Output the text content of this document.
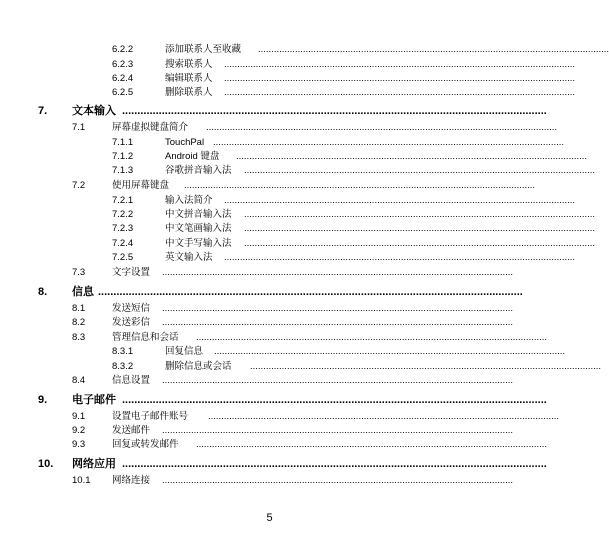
6.2.2	添加联系人至收藏 .....................................................................................................................................
6.2.3	搜索联系人 .....................................................................................................................................
6.2.4	编辑联系人 .....................................................................................................................................
6.2.5	删除联系人 .....................................................................................................................................
7. 文本输入 ...........................................................................................................................................
7.1	屏幕虚拟键盘简介 .....................................................................................................................................
7.1.1	TouchPal .....................................................................................................................................
7.1.2	Android 键盘 .....................................................................................................................................
7.1.3	谷歌拼音输入法 .....................................................................................................................................
7.2	使用屏幕键盘 .....................................................................................................................................
7.2.1	输入法简介 .....................................................................................................................................
7.2.2	中文拼音输入法 .....................................................................................................................................
7.2.3	中文笔画输入法 .....................................................................................................................................
7.2.4	中文手写输入法 .....................................................................................................................................
7.2.5	英文输入法 .....................................................................................................................................
7.3	文字设置 .....................................................................................................................................
8. 信息 ...........................................................................................................................................
8.1	发送短信 .....................................................................................................................................
8.2	发送彩信 .....................................................................................................................................
8.3	管理信息和会话 .....................................................................................................................................
8.3.1	回复信息 .....................................................................................................................................
8.3.2	删除信息或会话 .....................................................................................................................................
8.4	信息设置 .....................................................................................................................................
9. 电子邮件 ...........................................................................................................................................
9.1	设置电子邮件账号 .....................................................................................................................................
9.2	发送邮件 .....................................................................................................................................
9.3	回复或转发邮件 .....................................................................................................................................
10. 网络应用 ...........................................................................................................................................
10.1 网络连接 .....................................................................................................................................
5
